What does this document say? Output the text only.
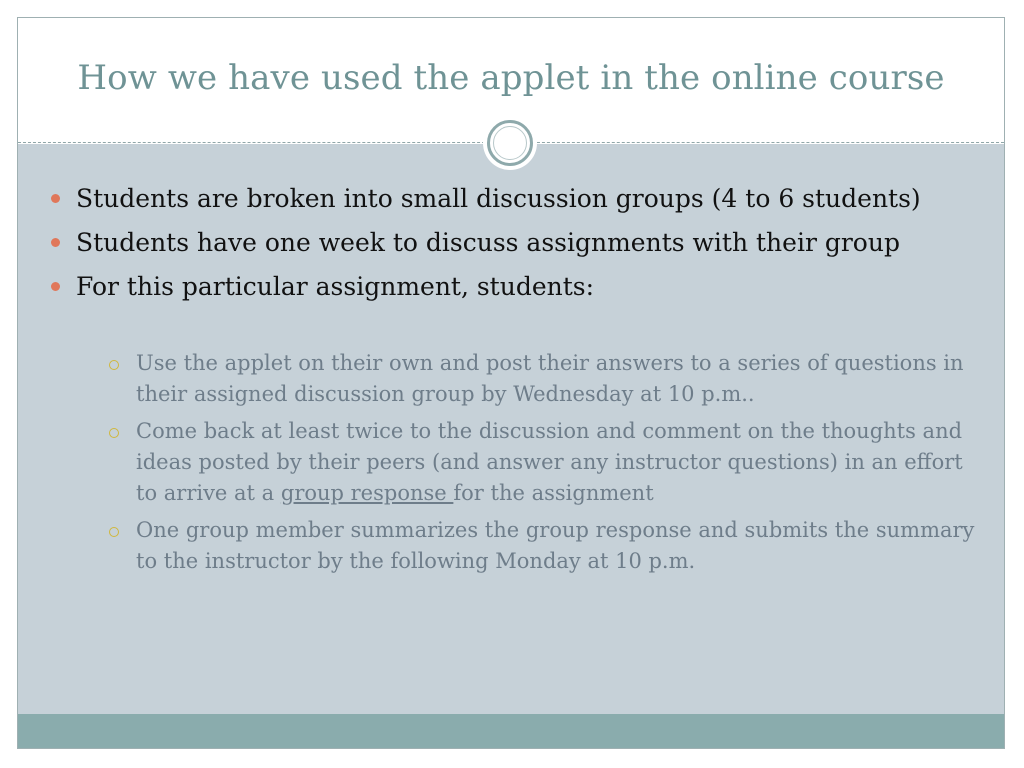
How we have used the applet in the online course
Students are broken into small discussion groups (4 to 6 students)
Students have one week to discuss assignments with their group
For this particular assignment, students:
Use the applet on their own and post their answers to a series of questions in their assigned discussion group by Wednesday at 10 p.m..
Come back at least twice to the discussion and comment on the thoughts and ideas posted by their peers (and answer any instructor questions) in an effort to arrive at a group response for the assignment
One group member summarizes the group response and submits the summary to the instructor by the following Monday at 10 p.m.
